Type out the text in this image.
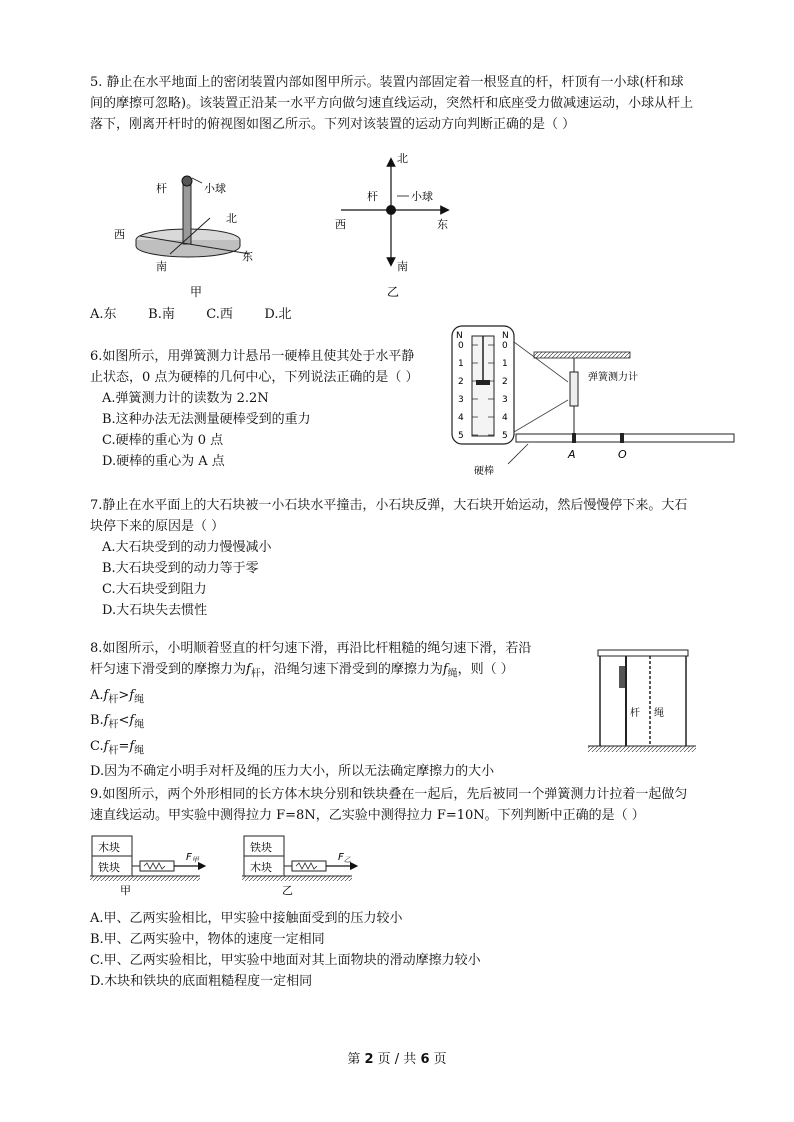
5. 静止在水平地面上的密闭装置内部如图甲所示。装置内部固定着一根竖直的杆，杆顶有一小球(杆和球
间的摩擦可忽略)。该装置正沿某一水平方向做匀速直线运动，突然杆和底座受力做减速运动，小球从杆上
落下，刚离开杆时的俯视图如图乙所示。下列对该装置的运动方向判断正确的是（ ）
杆	小球
北
西
南
东
甲
北
杆	小球
西	东
南
乙
A.东 B.南 C.西 D.北
6.如图所示，用弹簧测力计悬吊一硬棒且使其处于水平静
止状态，0 点为硬棒的几何中心，下列说法正确的是（ ）
A.弹簧测力计的读数为 2.2N
B.这种办法无法测量硬棒受到的重力
C.硬棒的重心为 0 点
D.硬棒的重心为 A 点
N	N
0
1
2
3
4
5
0
1
2
3
4
5
弹簧测力计
A	O
硬棒
7.静止在水平面上的大石块被一小石块水平撞击，小石块反弹，大石块开始运动，然后慢慢停下来。大石
块停下来的原因是（ ）
A.大石块受到的动力慢慢减小
B.大石块受到的动力等于零
C.大石块受到阻力
D.大石块失去惯性
8.如图所示，小明顺着竖直的杆匀速下滑，再沿比杆粗糙的绳匀速下滑，若沿
杆匀速下滑受到的摩擦力为$f_杆$，沿绳匀速下滑受到的摩擦力为$f_绳$，则（ ）
$A.f_杆>f_绳$
$B.f_杆<f_绳$
$C.f_杆=f_绳$
D.因为不确定小明手对杆及绳的压力大小，所以无法确定摩擦力的大小
杆 绳
9.如图所示，两个外形相同的长方体木块分别和铁块叠在一起后，先后被同一个弹簧测力计拉着一起做匀
速直线运动。甲实验中测得拉力 F=8N，乙实验中测得拉力 F=10N。下列判断中正确的是（ ）
木块
铁块
$F_甲$
甲
铁块
木块
$F_乙$
乙
A.甲、乙两实验相比，甲实验中接触面受到的压力较小
B.甲、乙两实验中，物体的速度一定相同
C.甲、乙两实验相比，甲实验中地面对其上面物块的滑动摩擦力较小
D.木块和铁块的底面粗糙程度一定相同
第 2 页 / 共 6 页
